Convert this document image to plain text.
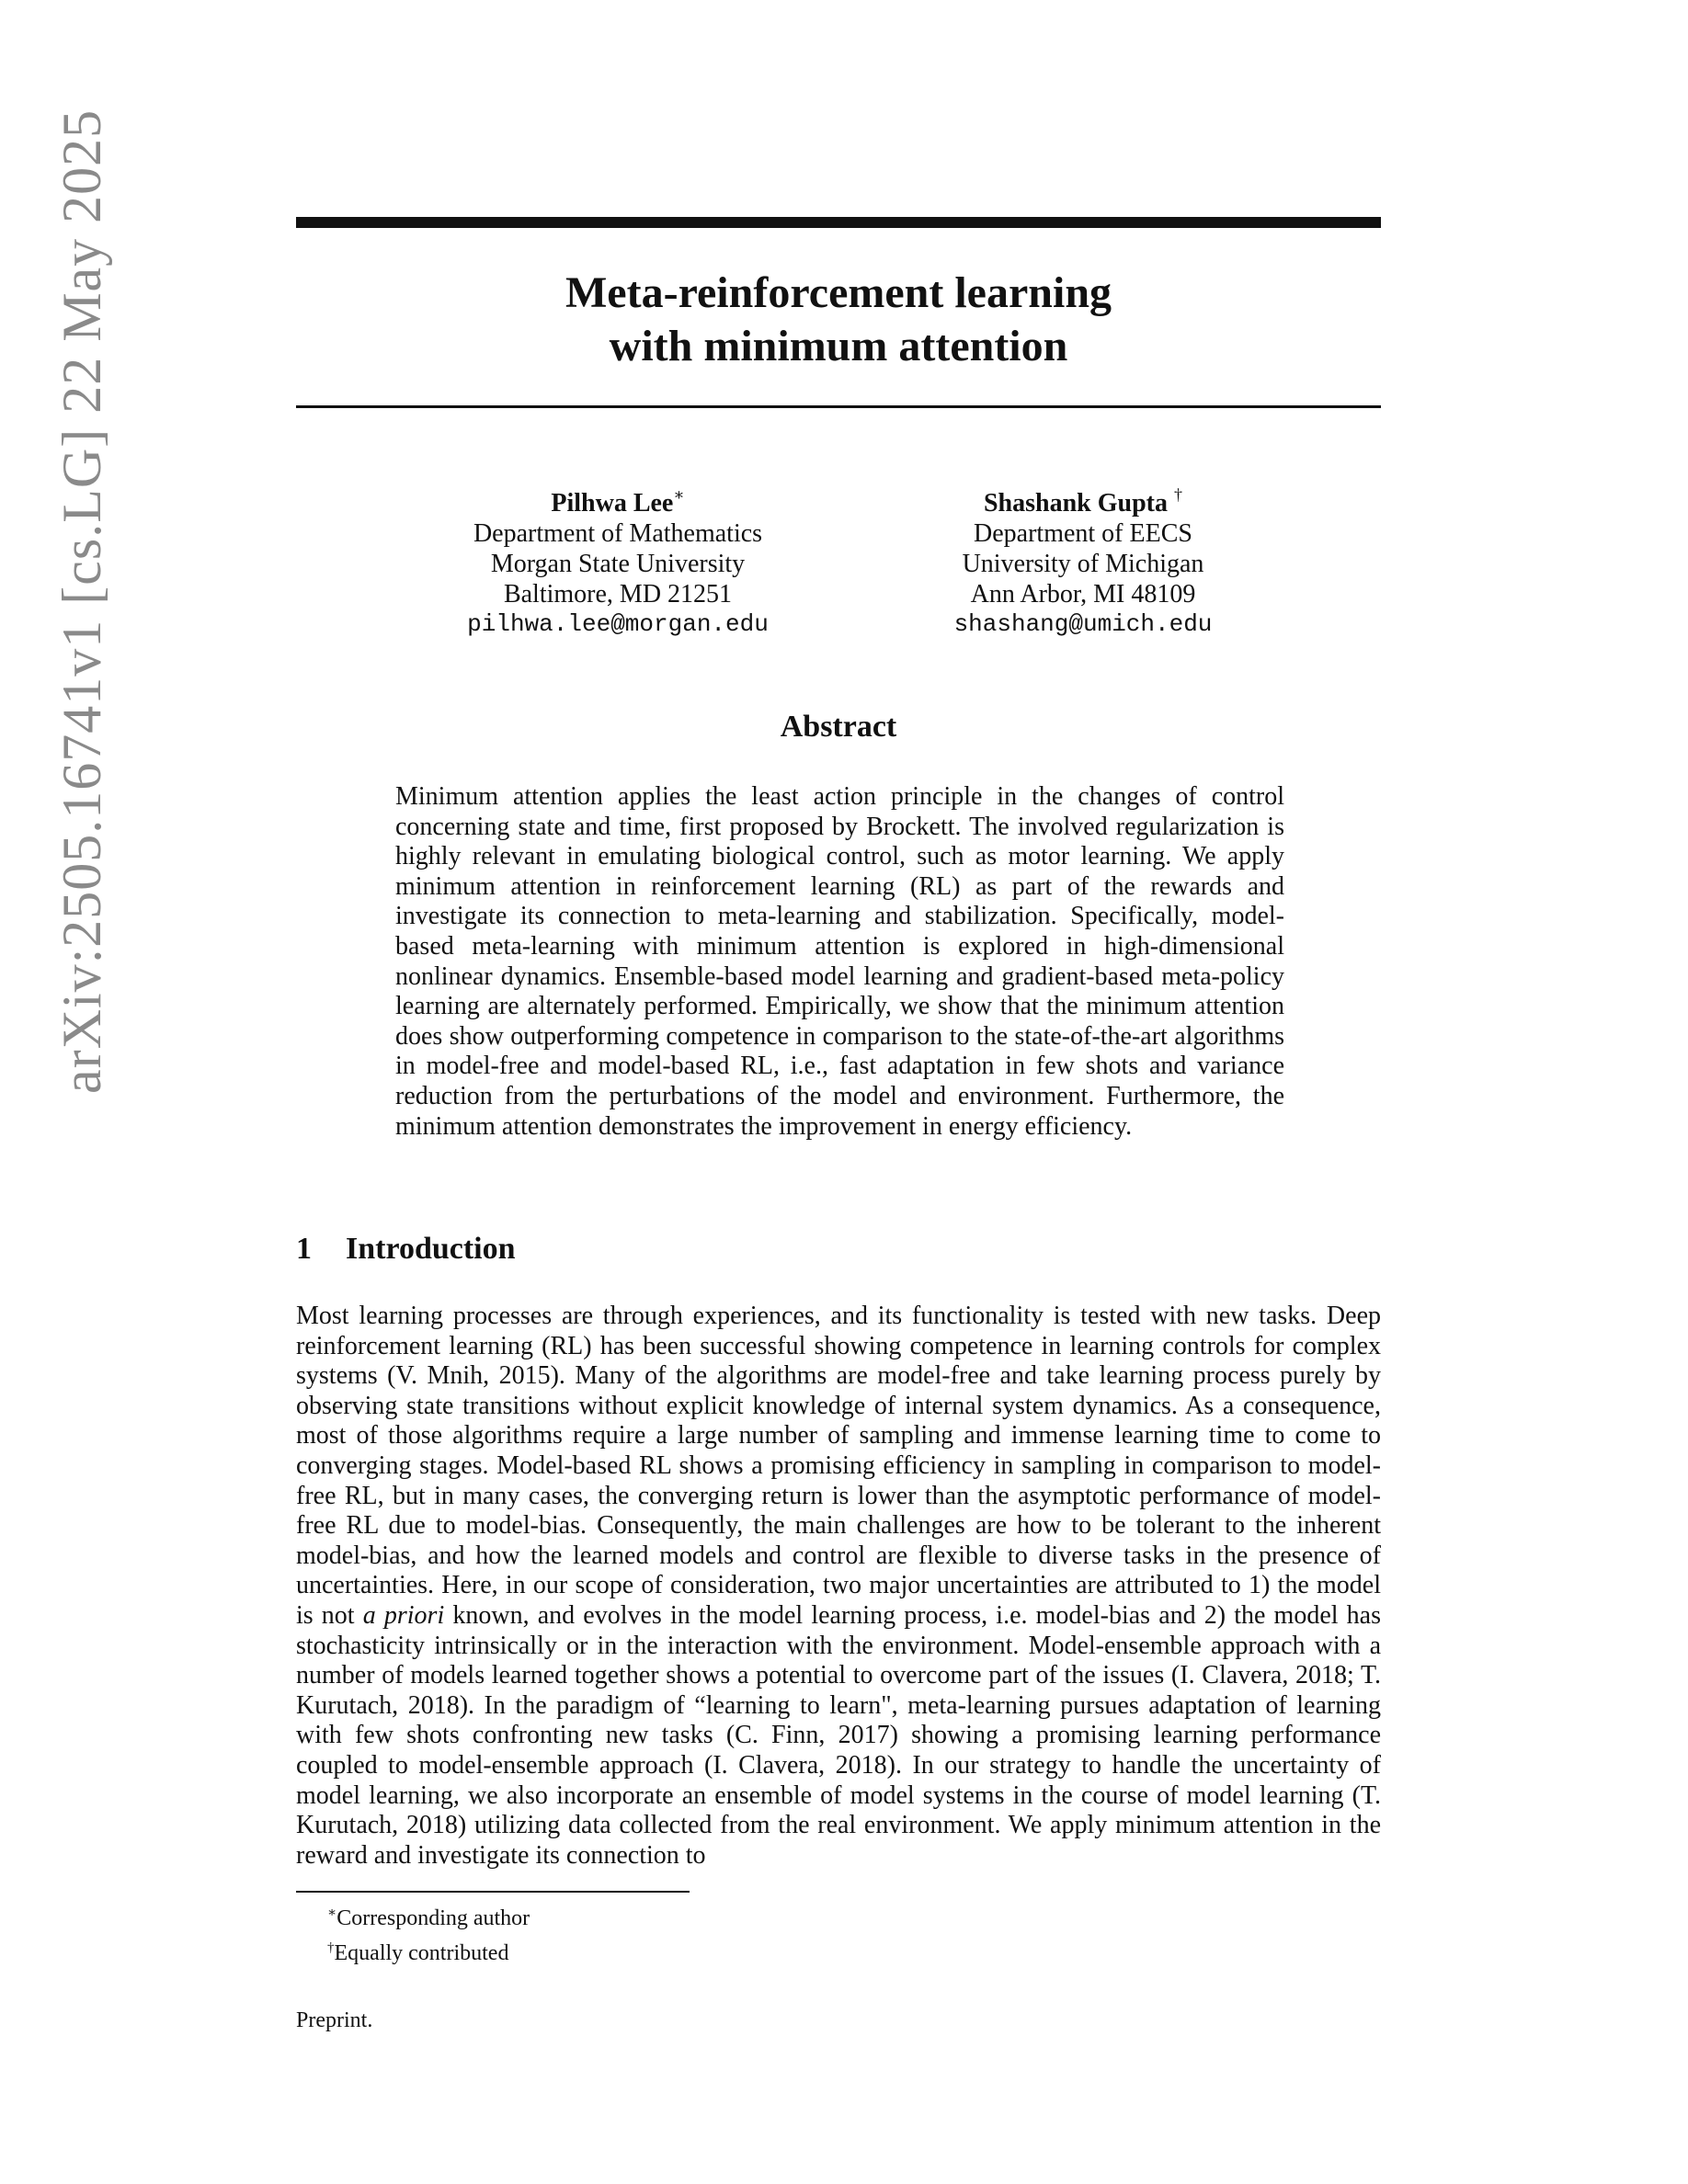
arXiv:2505.16741v1 [cs.LG] 22 May 2025	Meta-reinforcement learning
with minimum attention
Pilhwa Lee∗
Department of Mathematics
Morgan State University
Baltimore, MD 21251
pilhwa.lee@morgan.edu
Shashank Gupta †
Department of EECS
University of Michigan
Ann Arbor, MI 48109
shashang@umich.edu
Abstract
Minimum attention applies the least action principle in the changes of control concerning state and time, first proposed by Brockett. The involved regularization is highly relevant in emulating biological control, such as motor learning. We apply minimum attention in reinforcement learning (RL) as part of the rewards and investigate its connection to meta-learning and stabilization. Specifically, model-based meta-learning with minimum attention is explored in high-dimensional nonlinear dynamics. Ensemble-based model learning and gradient-based meta-policy learning are alternately performed. Empirically, we show that the minimum attention does show outperforming competence in comparison to the state-of-the-art algorithms in model-free and model-based RL, i.e., fast adaptation in few shots and variance reduction from the perturbations of the model and environment. Furthermore, the minimum attention demonstrates the improvement in energy efficiency.
1 Introduction
Most learning processes are through experiences, and its functionality is tested with new tasks. Deep reinforcement learning (RL) has been successful showing competence in learning controls for complex systems (V. Mnih, 2015). Many of the algorithms are model-free and take learning process purely by observing state transitions without explicit knowledge of internal system dynamics. As a consequence, most of those algorithms require a large number of sampling and immense learning time to come to converging stages. Model-based RL shows a promising efficiency in sampling in comparison to model-free RL, but in many cases, the converging return is lower than the asymptotic performance of model-free RL due to model-bias. Consequently, the main challenges are how to be tolerant to the inherent model-bias, and how the learned models and control are flexible to diverse tasks in the presence of uncertainties. Here, in our scope of consideration, two major uncertainties are attributed to 1) the model is not a priori known, and evolves in the model learning process, i.e. model-bias and 2) the model has stochasticity intrinsically or in the interaction with the environment. Model-ensemble approach with a number of models learned together shows a potential to overcome part of the issues (I. Clavera, 2018; T. Kurutach, 2018). In the paradigm of “learning to learn", meta-learning pursues adaptation of learning with few shots confronting new tasks (C. Finn, 2017) showing a promising learning performance coupled to model-ensemble approach (I. Clavera, 2018). In our strategy to handle the uncertainty of model learning, we also incorporate an ensemble of model systems in the course of model learning (T. Kurutach, 2018) utilizing data collected from the real environment. We apply minimum attention in the reward and investigate its connection to
∗Corresponding author
†Equally contributed
Preprint.
